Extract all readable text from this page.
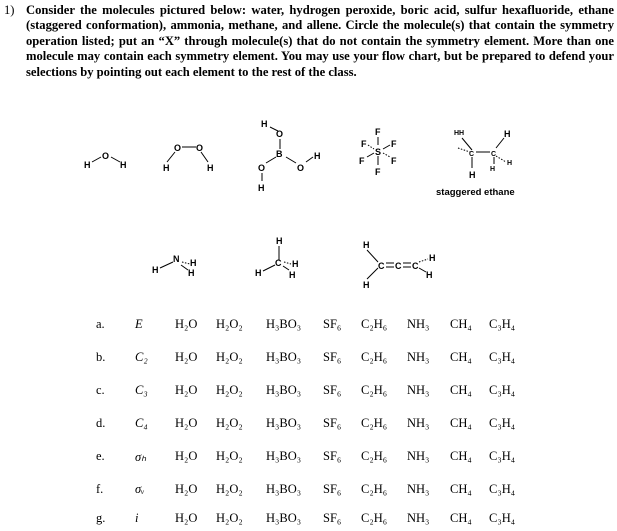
1) Consider the molecules pictured below: water, hydrogen peroxide, boric acid, sulfur hexafluoride, ethane (staggered conformation), ammonia, methane, and allene. Circle the molecule(s) that contain the symmetry operation listed; put an “X” through molecule(s) that do not contain the symmetry element. More than one molecule may contain each symmetry element. You may use your flow chart, but be prepared to defend your selections by pointing out each element to the rest of the class.
H
O
H	H
O O
H
H
O
B
O	O
H
H
F
F	F
S
F	F
F
H H	H
C C
H
H
H
staggered ethane
H
N H
H
H
C
H
H
H
H
C C C
H
H
H
a. E	H₂O H₂O₂ H₃BO₃ SF₆ C₂H₆ NH₃ CH₄ C₃H₄
b. C₂ H₂O H₂O₂ H₃BO₃ SF₆ C₂H₆ NH₃ CH₄ C₃H₄
c. C₃ H₂O H₂O₂ H₃BO₃ SF₆ C₂H₆ NH₃ CH₄ C₃H₄
d. C₄ H₂O H₂O₂ H₃BO₃ SF₆ C₂H₆ NH₃ CH₄ C₃H₄
e. σₕ H₂O H₂O₂ H₃BO₃ SF₆ C₂H₆ NH₃ CH₄ C₃H₄
f.	σᵥ H₂O H₂O₂ H₃BO₃ SF₆ C₂H₆ NH₃ CH₄ C₃H₄
g. i	H₂O H₂O₂ H₃BO₃ SF₆ C₂H₆ NH₃ CH₄ C₃H₄
